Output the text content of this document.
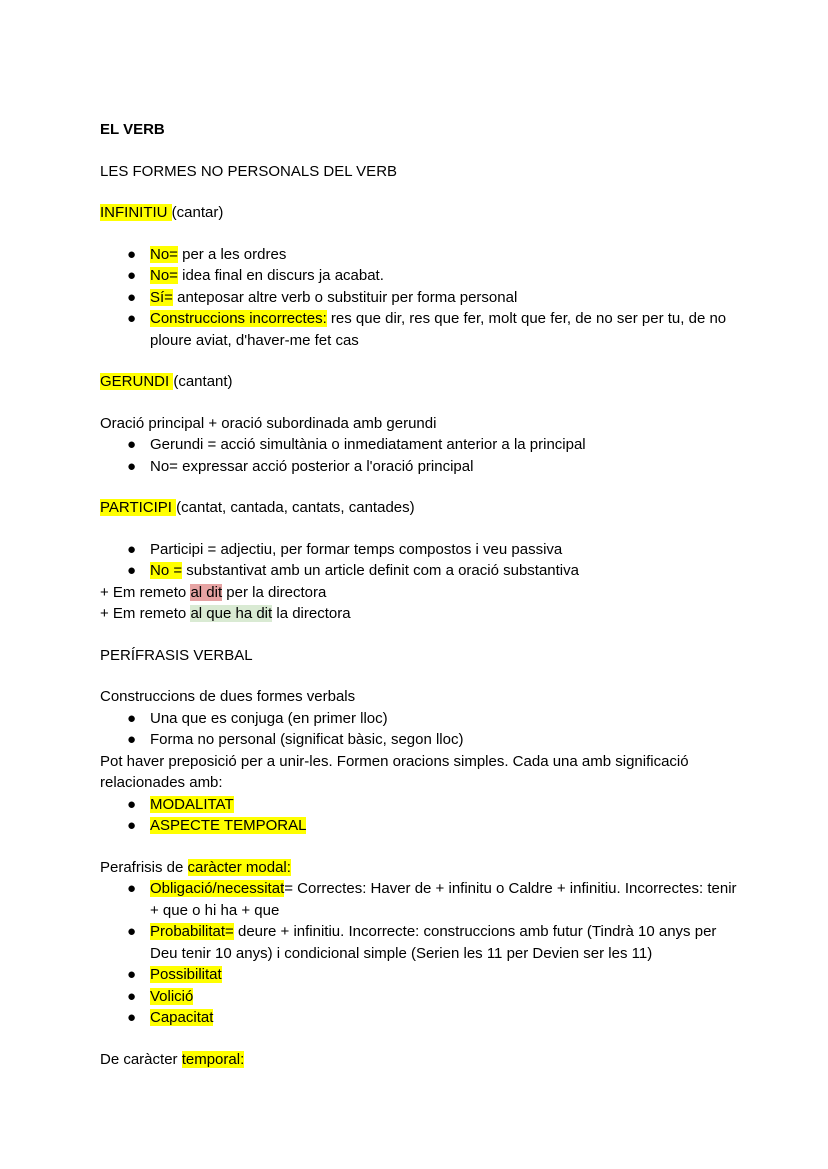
EL VERB
LES FORMES NO PERSONALS DEL VERB
INFINITIU (cantar)
● No= per a les ordres
● No= idea final en discurs ja acabat.
● Sí= anteposar altre verb o substituir per forma personal
● Construccions incorrectes: res que dir, res que fer, molt que fer, de no ser per tu, de no ploure aviat, d'haver-me fet cas
GERUNDI (cantant)
Oració principal + oració subordinada amb gerundi
● Gerundi = acció simultània o inmediatament anterior a la principal
● No= expressar acció posterior a l'oració principal
PARTICIPI (cantat, cantada, cantats, cantades)
● Participi = adjectiu, per formar temps compostos i veu passiva
● No = substantivat amb un article definit com a oració substantiva
+ Em remeto al dit per la directora
+ Em remeto al que ha dit la directora
PERÍFRASIS VERBAL
Construccions de dues formes verbals
● Una que es conjuga (en primer lloc)
● Forma no personal (significat bàsic, segon lloc)
Pot haver preposició per a unir-les. Formen oracions simples. Cada una amb significació relacionades amb:
● MODALITAT
● ASPECTE TEMPORAL
Perafrisis de caràcter modal:
● Obligació/necessitat= Correctes: Haver de + infinitu o Caldre + infinitiu. Incorrectes: tenir + que o hi ha + que
● Probabilitat= deure + infinitiu. Incorrecte: construccions amb futur (Tindrà 10 anys per Deu tenir 10 anys) i condicional simple (Serien les 11 per Devien ser les 11)
● Possibilitat
● Volició
● Capacitat
De caràcter temporal:
